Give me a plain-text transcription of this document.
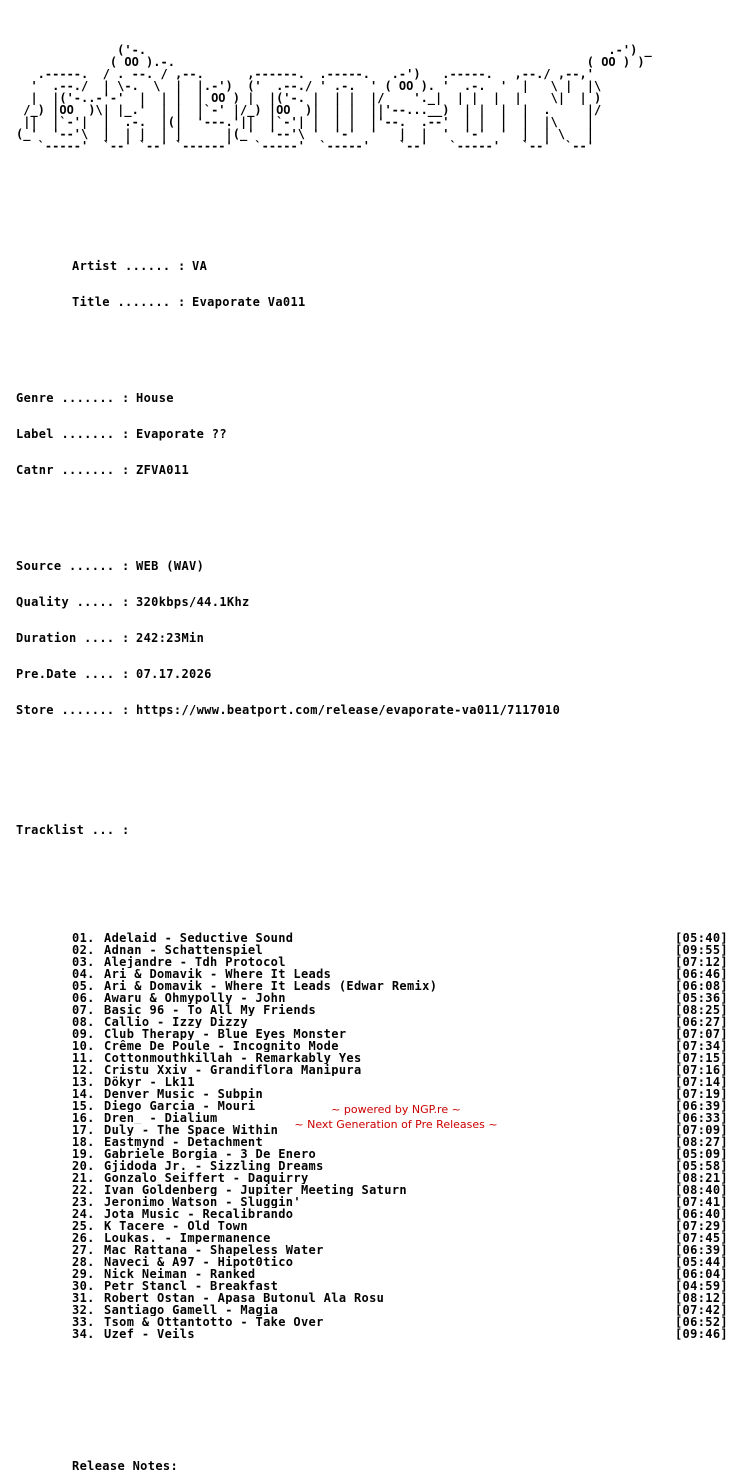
('-.                                                                .-') _
( OO ).-.                                                         ( OO ) )
.-----.  / . --. / ,--.      ,------.  .-----.   .-')   .-----.   ,--./ ,--,'
'  .--./  | \-.  \  |  |.-')  ('  .--./ ' .-.  ' ( OO ). '  .-.  '  |   \ |  |\
|  |('-..-'-'  |  | |  | OO ) |  |('-. |  | |  |/    '._|  | |  |  |    \|  | )
/_) |OO  )\| |_.'  | |  |`-' |/_) |OO  )|  | |  ||'--...__)  | |  |  |  .     |/
||  |`-'|  |  .-.  |(|  '---.'||  |`-'| |  | |  |'--.  .--'  | |  |  |  |\    |
(_'  '--'\  |  | |  | |      |(_'  '--'\ '  '-'  '   |  |  '  '-'  '  |  | \   |
`-----'  `--' `--' `------'   `-----'  `-----'    `--'   `-----'   `--'  `--'

Artist ...... : VA

Title ....... : Evaporate Va011

Genre ....... : House

Label ....... : Evaporate ??

Catnr ....... : ZFVA011

Source ...... : WEB (WAV)

Quality ..... : 320kbps/44.1Khz

Duration .... : 242:23Min

Pre.Date .... : 07.17.2026

Store ....... : https://www.beatport.com/release/evaporate-va011/7117010

Tracklist ... :

01. Adelaid - Seductive Sound	[05:40]
02. Adnan - Schattenspiel	[09:55]
03. Alejandre - Tdh Protocol	[07:12]
04. Ari & Domavik - Where It Leads	[06:46]
05. Ari & Domavik - Where It Leads (Edwar Remix)	[06:08]
06. Awaru & Ohmypolly - John	[05:36]
07. Basic 96 - To All My Friends	[08:25]
08. Callio - Izzy Dizzy	[06:27]
09. Club Therapy - Blue Eyes Monster	[07:07]
10. Crême De Poule - Incognito Mode	[07:34]
11. Cottonmouthkillah - Remarkably Yes	[07:15]
12. Cristu Xxiv - Grandiflora Manipura	[07:16]
13. Dökyr - Lk11	[07:14]
14. Denver Music - Subpin	[07:19]
15. Diego Garcia - Mouri	[06:39]
16. Dren_ - Dialium	[06:33]
17. Duly - The Space Within	[07:09]
18. Eastmynd - Detachment	[08:27]
19. Gabriele Borgia - 3 De Enero	[05:09]
20. Gjidoda Jr. - Sizzling Dreams	[05:58]
21. Gonzalo Seiffert - Daquirry	[08:21]
22. Ivan Goldenberg - Jupiter Meeting Saturn	[08:40]
23. Jeronimo Watson - Sluggin'	[07:41]
24. Jota Music - Recalibrando	[06:40]
25. K Tacere - Old Town	[07:29]
26. Loukas. - Impermanence	[07:45]
27. Mac Rattana - Shapeless Water	[06:39]
28. Naveci & A97 - Hipot0tico	[05:44]
29. Nick Neiman - Ranked	[06:04]
30. Petr Stancl - Breakfast	[04:59]
31. Robert Ostan - Apasa Butonul Ala Rosu	[08:12]
32. Santiago Gamell - Magia	[07:42]
33. Tsom & Ottantotto - Take Over	[06:52]
34. Uzef - Veils	[09:46]

Release Notes:

~ powered by NGP.re ~
~ Next Generation of Pre Releases ~
